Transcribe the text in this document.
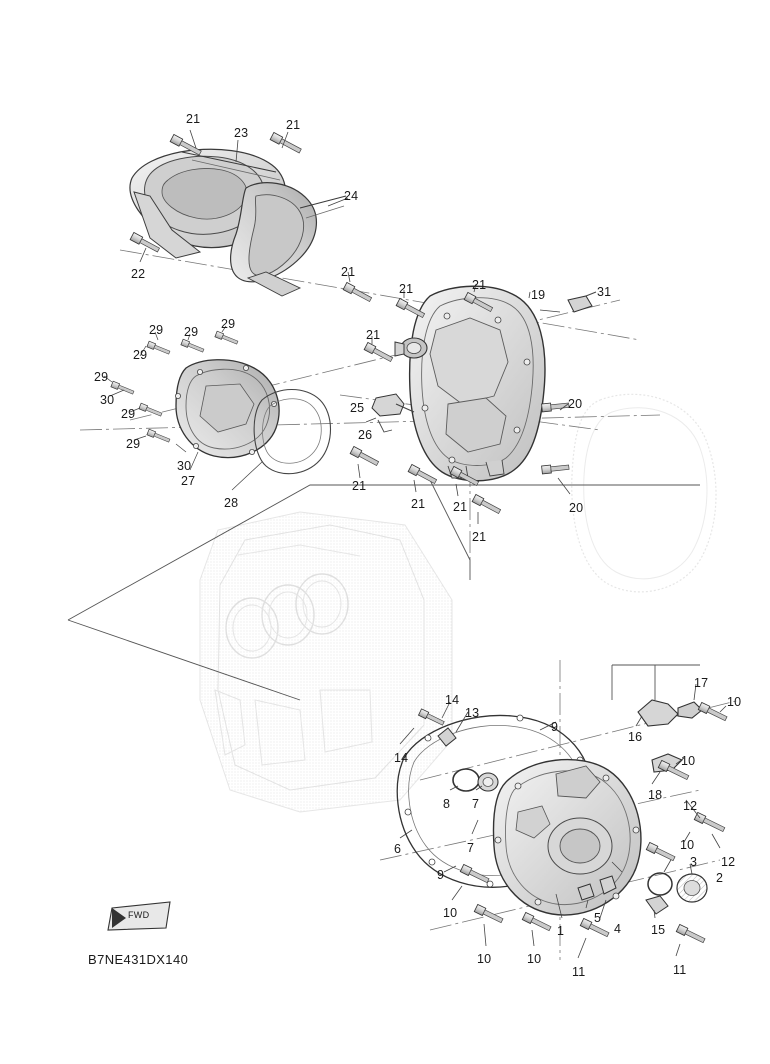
21
23
21
24
22	21
21	21
19	31
21
29 29
29
29
29
30
29
29
30
27
28
25
26
20
21
21 21
21
20
14
13
9
17
10
16
14	10
18
12
8 7
7
6	10
3 12
2
9
10	5
4
1	15
10	10
11	11
FWD
B7NE431DX140
